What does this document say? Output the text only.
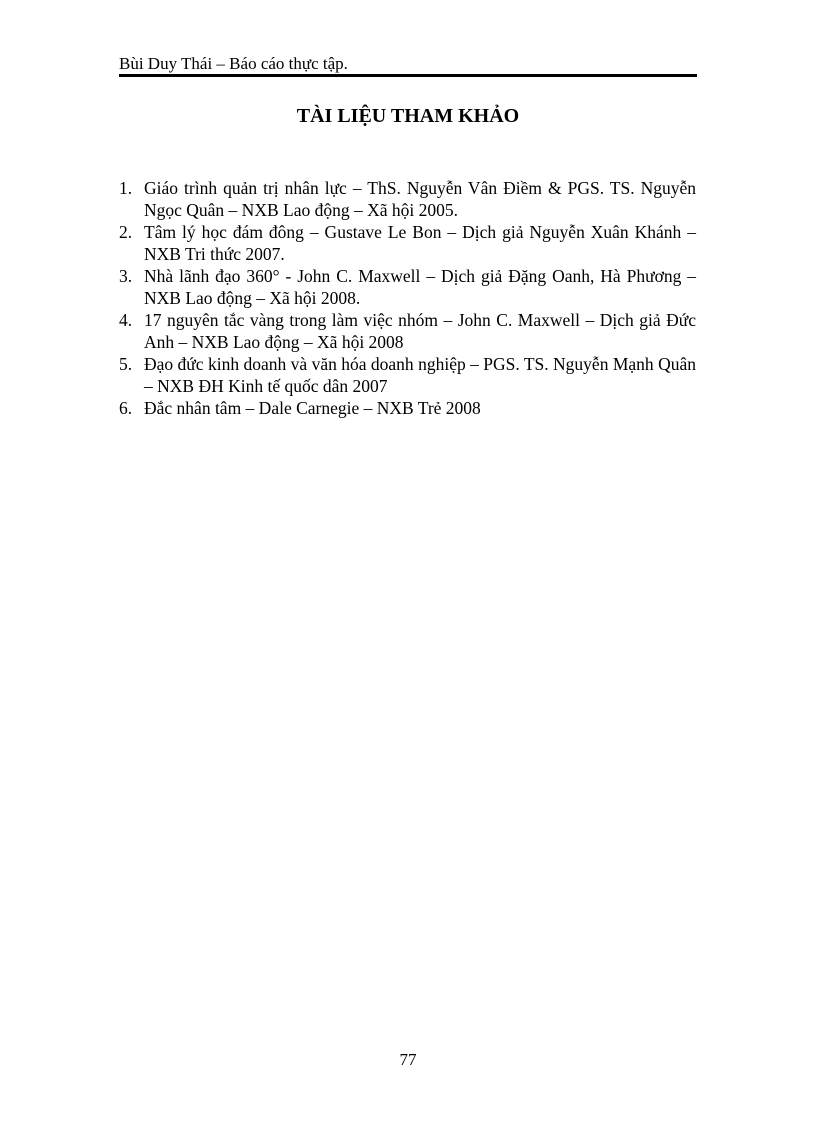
Bùi Duy Thái – Báo cáo thực tập.
TÀI LIỆU THAM KHẢO
1. Giáo trình quản trị nhân lực – ThS. Nguyễn Vân Điềm & PGS. TS. Nguyễn Ngọc Quân – NXB Lao động – Xã hội 2005.
2. Tâm lý học đám đông – Gustave Le Bon – Dịch giả Nguyễn Xuân Khánh – NXB Tri thức 2007.
3. Nhà lãnh đạo 360° - John C. Maxwell – Dịch giả Đặng Oanh, Hà Phương – NXB Lao động – Xã hội 2008.
4. 17 nguyên tắc vàng trong làm việc nhóm – John C. Maxwell – Dịch giả Đức Anh – NXB Lao động – Xã hội 2008
5. Đạo đức kinh doanh và văn hóa doanh nghiệp – PGS. TS. Nguyễn Mạnh Quân – NXB ĐH Kinh tế quốc dân 2007
6. Đắc nhân tâm – Dale Carnegie – NXB Trẻ 2008
77
